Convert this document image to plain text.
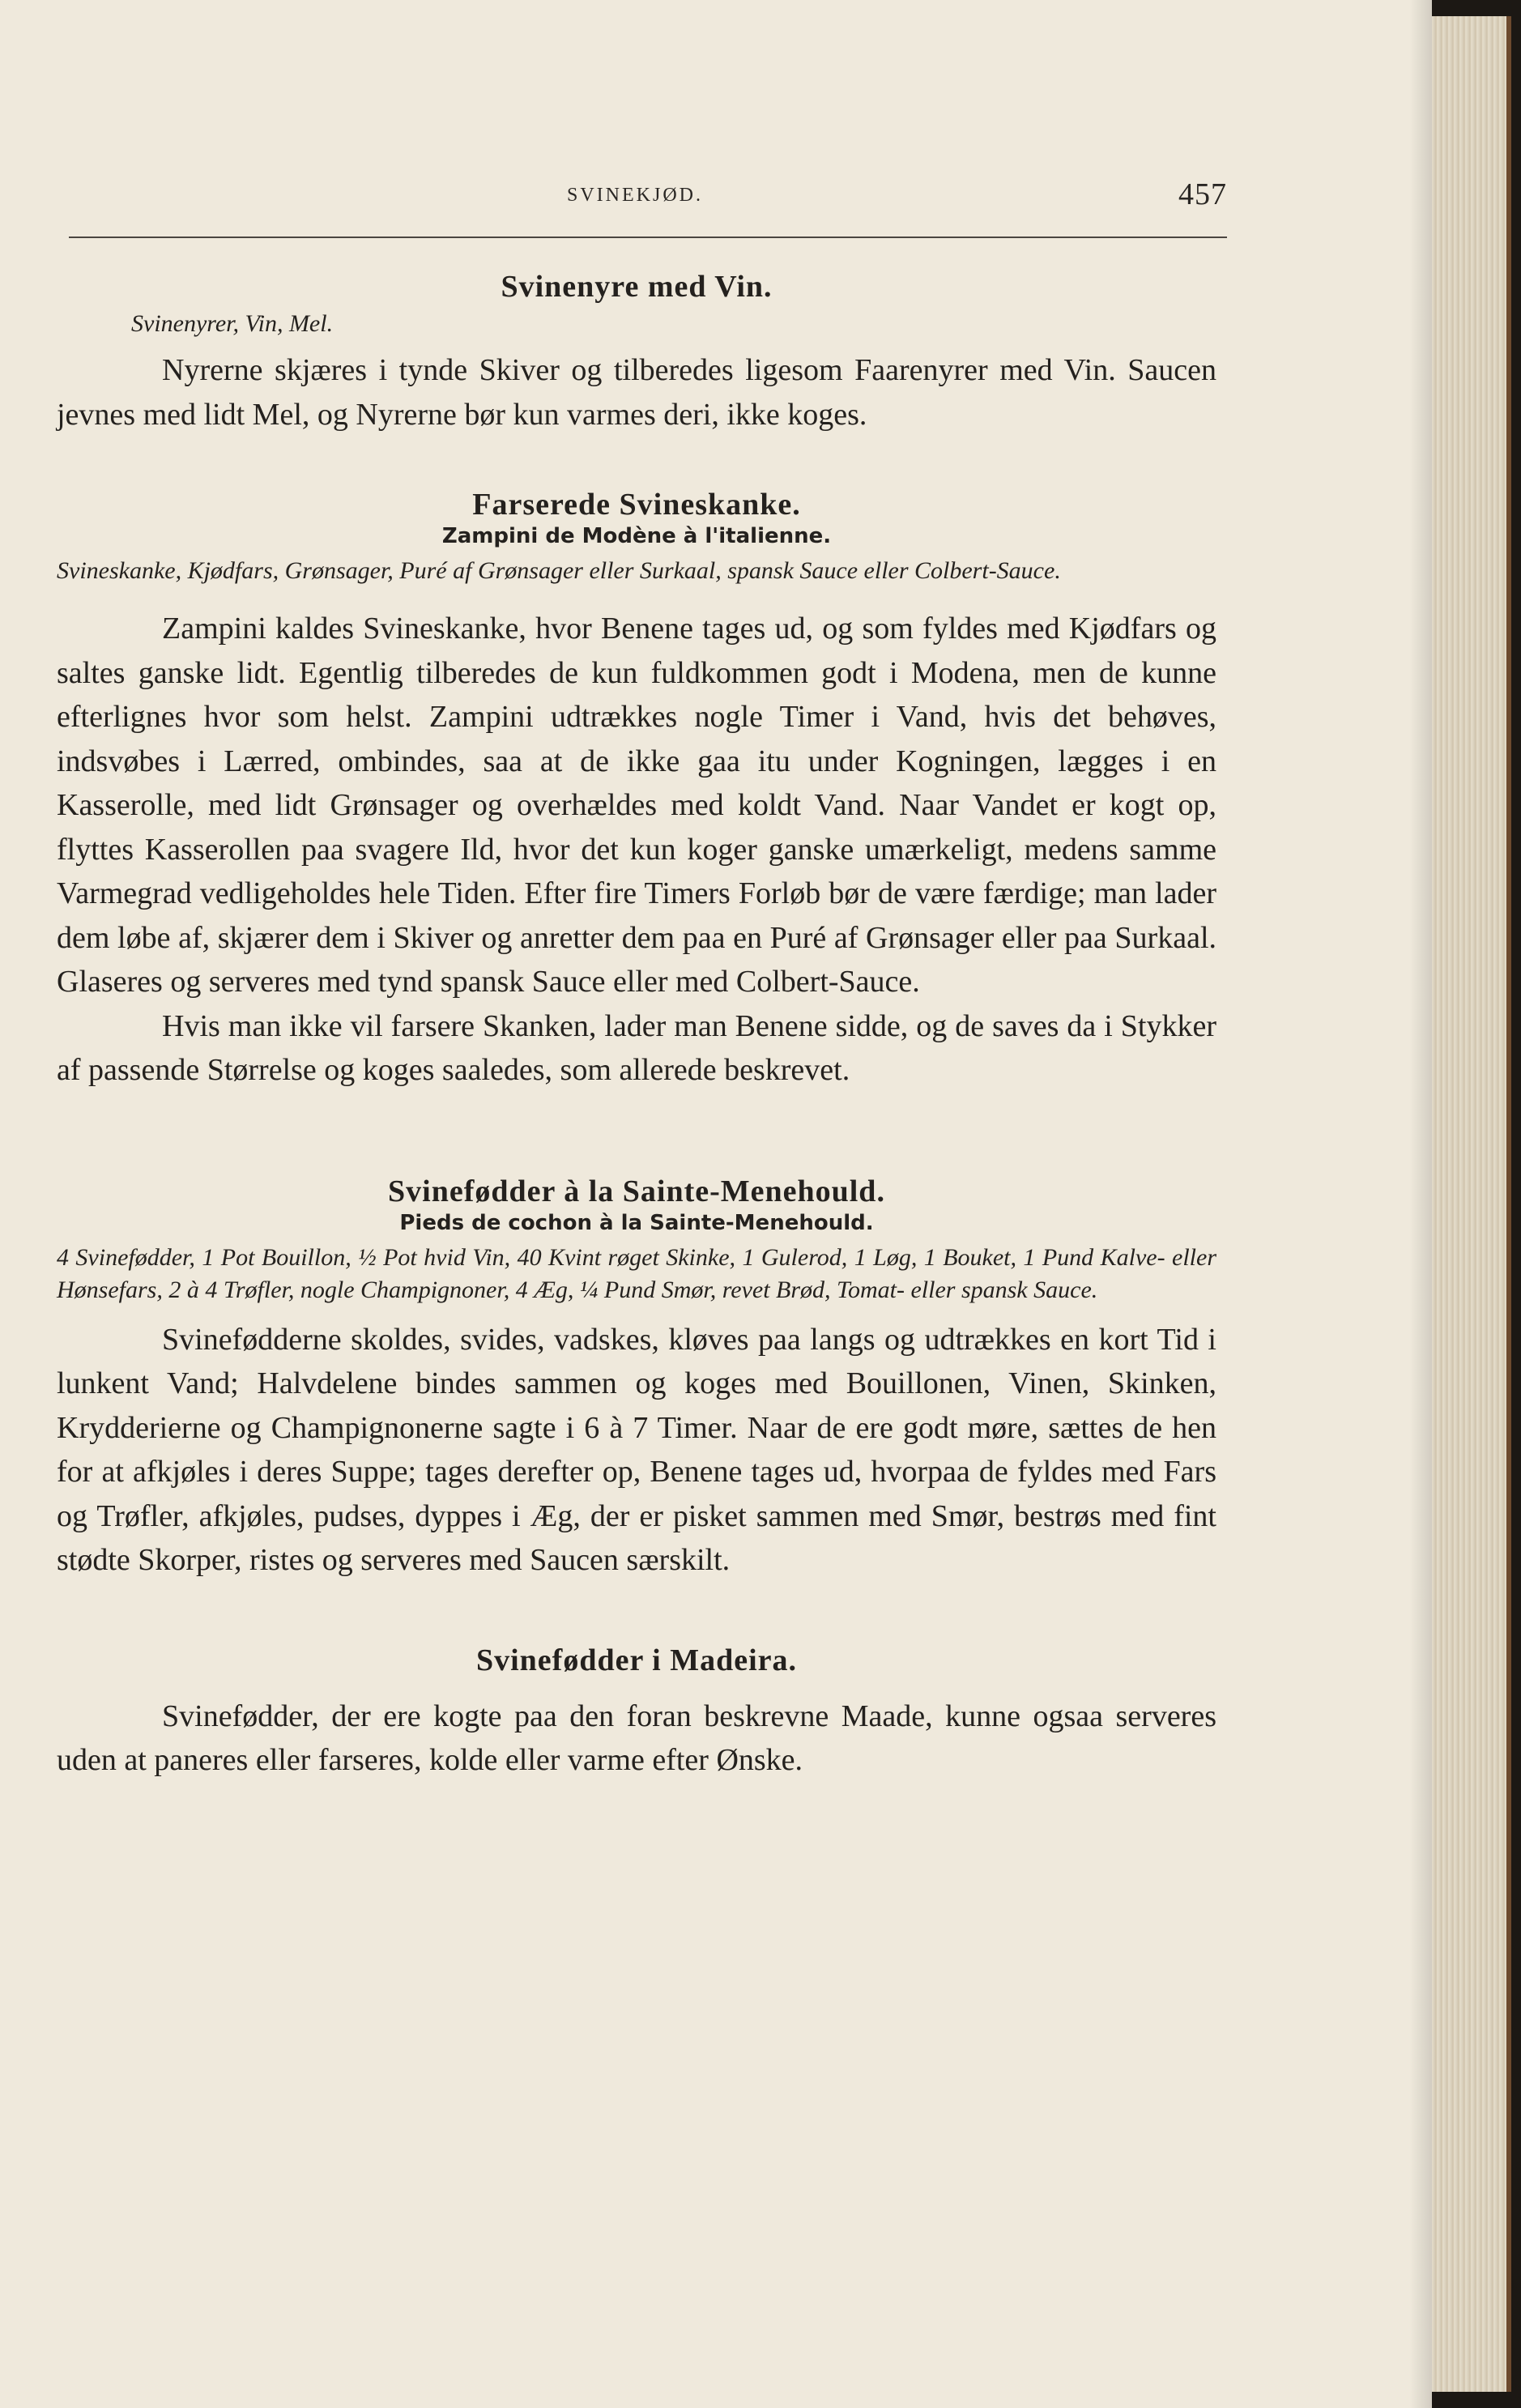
SVINEKJØD.	457
Svinenyre med Vin.

Svinenyrer, Vin, Mel.

Nyrerne skjæres i tynde Skiver og tilberedes ligesom Faarenyrer med Vin. Saucen jevnes med lidt Mel, og Nyrerne bør kun varmes deri, ikke koges.

Farserede Svineskanke.

Zampini de Modène à l'italienne.

Svineskanke, Kjødfars, Grønsager, Puré af Grønsager eller Surkaal, spansk Sauce eller Colbert-Sauce.

Zampini kaldes Svineskanke, hvor Benene tages ud, og som fyldes med Kjødfars og saltes ganske lidt. Egentlig tilberedes de kun fuldkommen godt i Modena, men de kunne efterlignes hvor som helst. Zampini udtrækkes nogle Timer i Vand, hvis det behøves, indsvøbes i Lærred, ombindes, saa at de ikke gaa itu under Kogningen, lægges i en Kasserolle, med lidt Grønsager og overhældes med koldt Vand. Naar Vandet er kogt op, flyttes Kasserollen paa svagere Ild, hvor det kun koger ganske umærkeligt, medens samme Varmegrad vedligeholdes hele Tiden. Efter fire Timers Forløb bør de være færdige; man lader dem løbe af, skjærer dem i Skiver og anretter dem paa en Puré af Grønsager eller paa Surkaal. Glaseres og serveres med tynd spansk Sauce eller med Colbert-Sauce.

Hvis man ikke vil farsere Skanken, lader man Benene sidde, og de saves da i Stykker af passende Størrelse og koges saaledes, som allerede beskrevet.

Svinefødder à la Sainte-Menehould.

Pieds de cochon à la Sainte-Menehould.

4 Svinefødder, 1 Pot Bouillon, ½ Pot hvid Vin, 40 Kvint røget Skinke, 1 Gulerod, 1 Løg, 1 Bouket, 1 Pund Kalve- eller Hønsefars, 2 à 4 Trøfler, nogle Champignoner, 4 Æg, ¼ Pund Smør, revet Brød, Tomat- eller spansk Sauce.

Svinefødderne skoldes, svides, vadskes, kløves paa langs og udtrækkes en kort Tid i lunkent Vand; Halvdelene bindes sammen og koges med Bouillonen, Vinen, Skinken, Krydderierne og Champignonerne sagte i 6 à 7 Timer. Naar de ere godt møre, sættes de hen for at afkjøles i deres Suppe; tages derefter op, Benene tages ud, hvorpaa de fyldes med Fars og Trøfler, afkjøles, pudses, dyppes i Æg, der er pisket sammen med Smør, bestrøs med fint stødte Skorper, ristes og serveres med Saucen særskilt.

Svinefødder i Madeira.

Svinefødder, der ere kogte paa den foran beskrevne Maade, kunne ogsaa serveres uden at paneres eller farseres, kolde eller varme efter Ønske.
